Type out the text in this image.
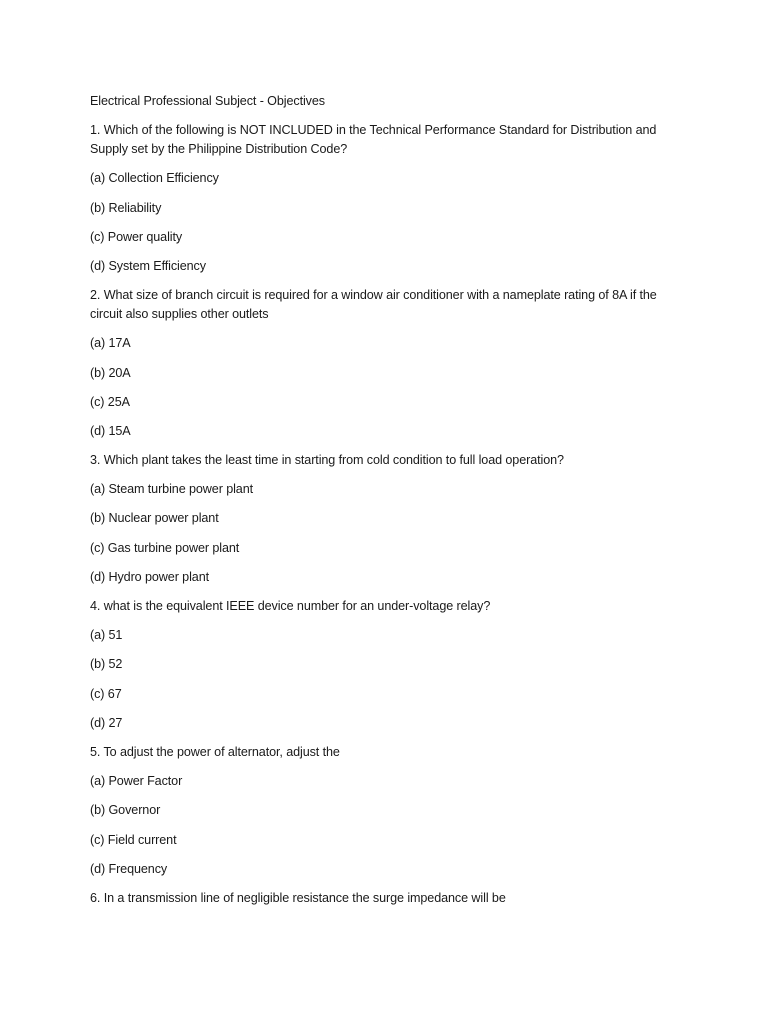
Electrical Professional Subject - Objectives
1. Which of the following is NOT INCLUDED in the Technical Performance Standard for Distribution and Supply set by the Philippine Distribution Code?
(a) Collection Efficiency
(b) Reliability
(c) Power quality
(d) System Efficiency
2. What size of branch circuit is required for a window air conditioner with a nameplate rating of 8A if the circuit also supplies other outlets
(a) 17A
(b) 20A
(c) 25A
(d) 15A
3. Which plant takes the least time in starting from cold condition to full load operation?
(a) Steam turbine power plant
(b) Nuclear power plant
(c) Gas turbine power plant
(d) Hydro power plant
4. what is the equivalent IEEE device number for an under-voltage relay?
(a) 51
(b) 52
(c) 67
(d) 27
5. To adjust the power of alternator, adjust the
(a) Power Factor
(b) Governor
(c) Field current
(d) Frequency
6. In a transmission line of negligible resistance the surge impedance will be
